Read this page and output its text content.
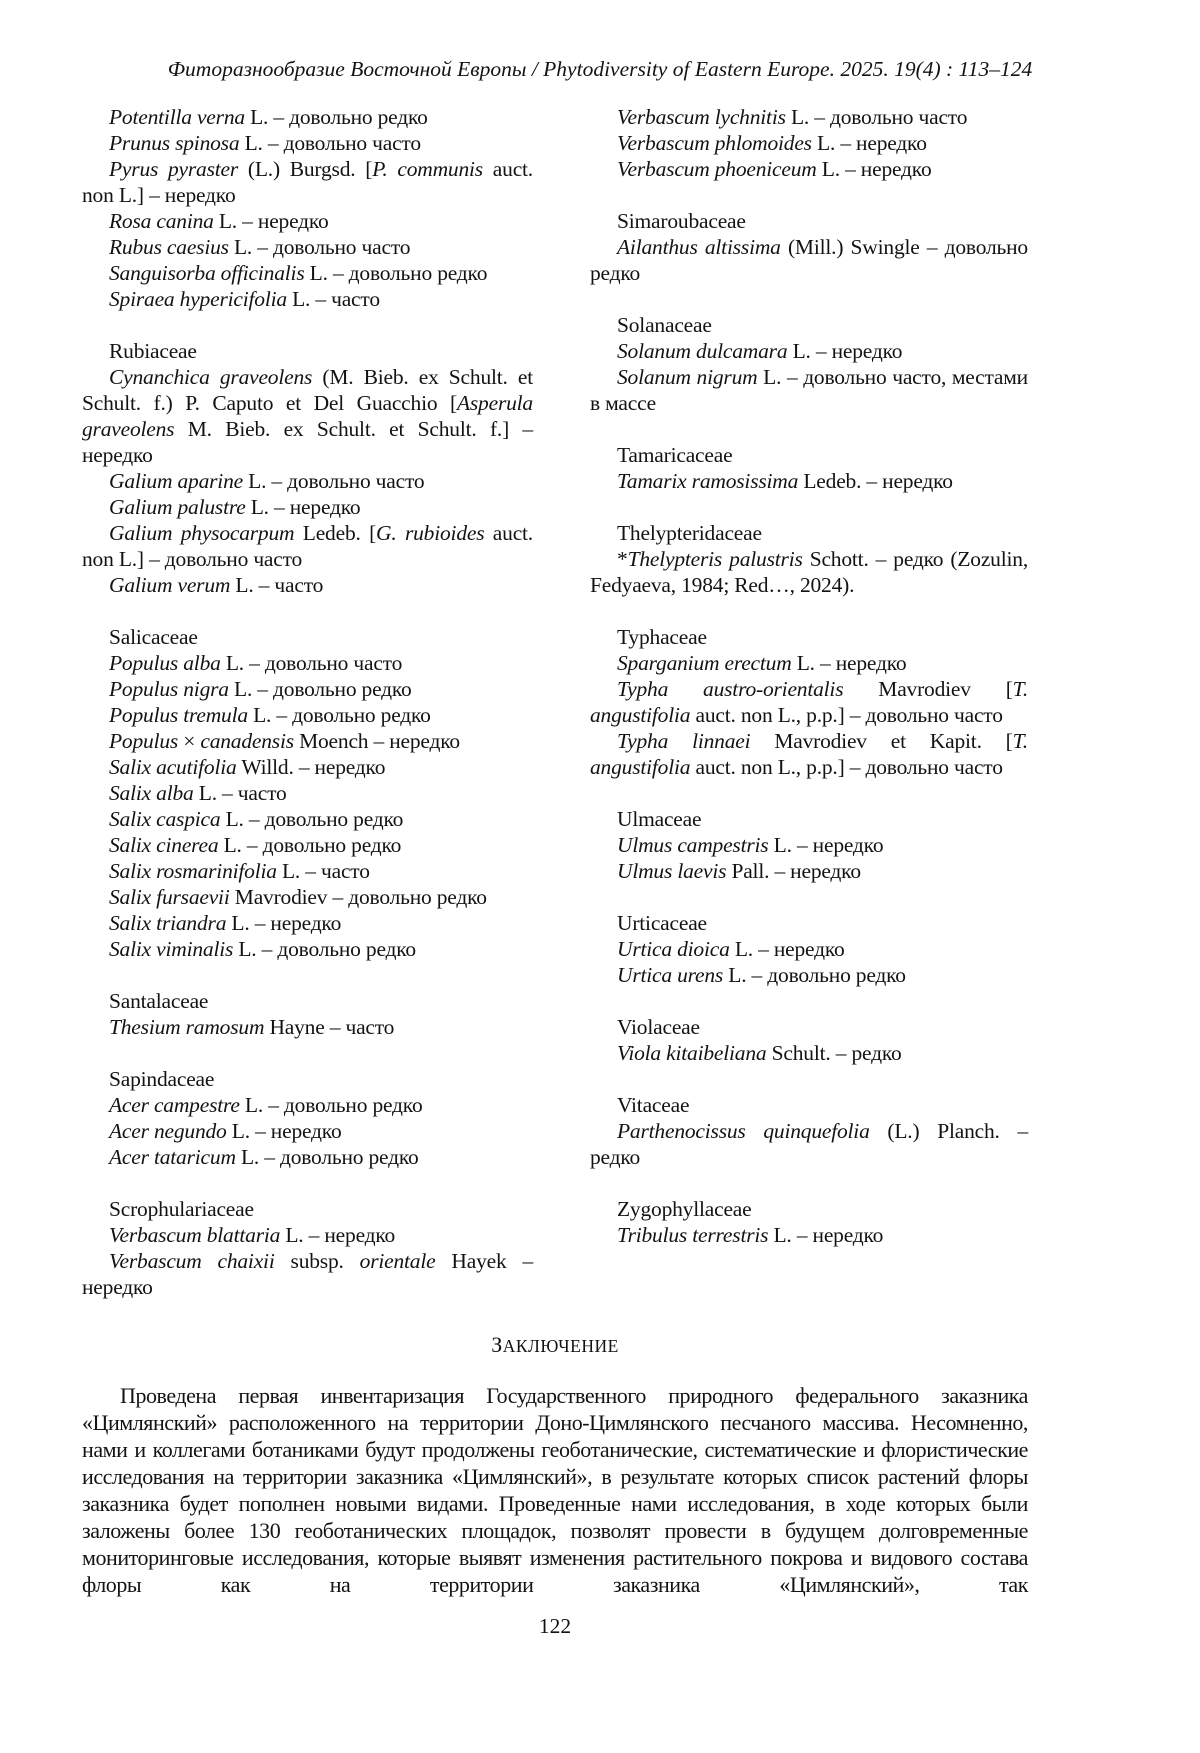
Фиторазнообразие Восточной Европы / Phytodiversity of Eastern Europe. 2025. 19(4) : 113–124

Potentilla verna L. – довольно редко

Prunus spinosa L. – довольно часто

Pyrus pyraster (L.) Burgsd. [P. communis auct. non L.] – нередко

Rosa canina L. – нередко

Rubus caesius L. – довольно часто

Sanguisorba officinalis L. – довольно редко

Spiraea hypericifolia L. – часто

Rubiaceae

Cynanchica graveolens (M. Bieb. ex Schult. et Schult. f.) P. Caputo et Del Guacchio [Asperula graveolens M. Bieb. ex Schult. et Schult. f.] – нередко

Galium aparine L. – довольно часто

Galium palustre L. – нередко

Galium physocarpum Ledeb. [G. rubioides auct. non L.] – довольно часто

Galium verum L. – часто

Salicaceae

Populus alba L. – довольно часто

Populus nigra L. – довольно редко

Populus tremula L. – довольно редко

Populus × canadensis Moench – нередко

Salix acutifolia Willd. – нередко

Salix alba L. – часто

Salix caspica L. – довольно редко

Salix cinerea L. – довольно редко

Salix rosmarinifolia L. – часто

Salix fursaevii Mavrodiev – довольно редко

Salix triandra L. – нередко

Salix viminalis L. – довольно редко

Santalaceae

Thesium ramosum Hayne – часто

Sapindaceae

Acer campestre L. – довольно редко

Acer negundo L. – нередко

Acer tataricum L. – довольно редко

Scrophulariaceae

Verbascum blattaria L. – нередко

Verbascum chaixii subsp. orientale Hayek – нередко

Verbascum lychnitis L. – довольно часто

Verbascum phlomoides L. – нередко

Verbascum phoeniceum L. – нередко

Simaroubaceae

Ailanthus altissima (Mill.) Swingle – довольно редко

Solanaceae

Solanum dulcamara L. – нередко

Solanum nigrum L. – довольно часто, местами в массе

Tamaricaceae

Tamarix ramosissima Ledeb. – нередко

Thelypteridaceae

*Thelypteris palustris Schott. – редко (Zozulin, Fedyaeva, 1984; Red…, 2024).

Typhaceae

Sparganium erectum L. – нередко

Typha austro-orientalis Mavrodiev [T. angustifolia auct. non L., p.p.] – довольно часто

Typha linnaei Mavrodiev et Kapit. [T. angustifolia auct. non L., p.p.] – довольно часто

Ulmaceae

Ulmus campestris L. – нередко

Ulmus laevis Pall. – нередко

Urticaceae

Urtica dioica L. – нередко

Urtica urens L. – довольно редко

Violaceae

Viola kitaibeliana Schult. – редко

Vitaceae

Parthenocissus quinquefolia (L.) Planch. – редко

Zygophyllaceae

Tribulus terrestris L. – нередко

ЗАКЛЮЧЕНИЕ

Проведена первая инвентаризация Государственного природного федерального заказника «Цимлянский» расположенного на территории Доно-Цимлянского песчаного массива. Несомненно, нами и коллегами ботаниками будут продолжены геоботанические, систематические и флористические исследования на территории заказника «Цимлянский», в результате которых список растений флоры заказника будет пополнен новыми видами. Проведенные нами исследования, в ходе которых были заложены более 130 геоботанических площадок, позволят провести в будущем долговременные мониторинговые исследования, которые выявят изменения растительного покрова и видового состава флоры как на территории заказника «Цимлянский», так

122
